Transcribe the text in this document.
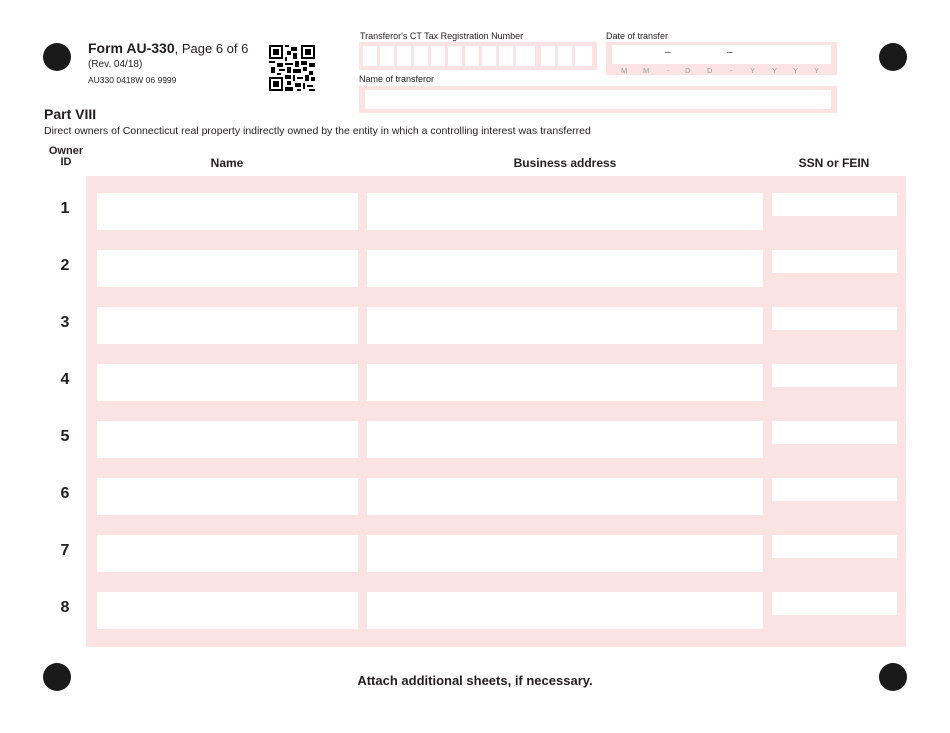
Form AU-330, Page 6 of 6
(Rev. 04/18)
AU330 0418W 06 9999
Transferor's CT Tax Registration Number	Date of transfer
–	–
M M - D D - Y Y Y Y
Name of transferor
Part VIII
Direct owners of Connecticut real property indirectly owned by the entity in which a controlling interest was transferred
Owner ID	Name	Business address	SSN or FEIN
1
2
3
4
5
6
7
8
Attach additional sheets, if necessary.
